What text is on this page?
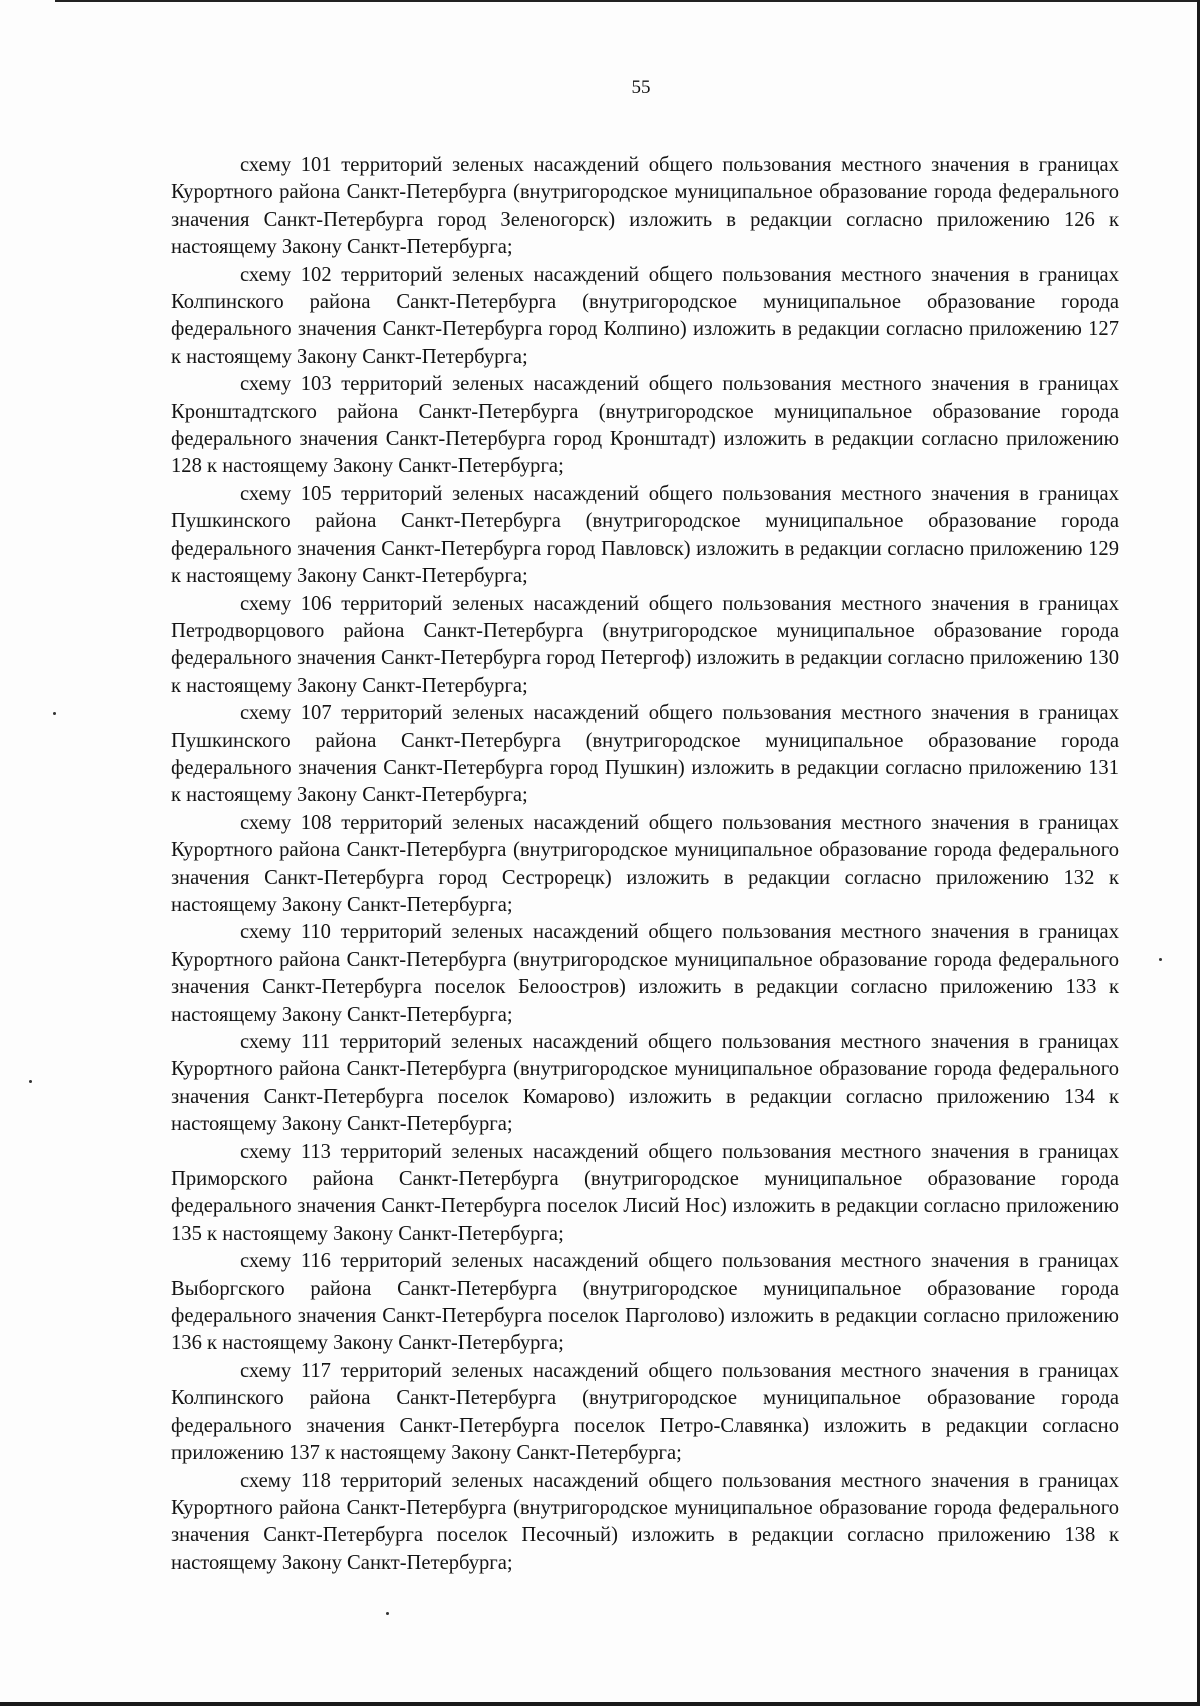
55

схему 101 территорий зеленых насаждений общего пользования местного значения в границах Курортного района Санкт-Петербурга (внутригородское муниципальное образование города федерального значения Санкт-Петербурга город Зеленогорск) изложить в редакции согласно приложению 126 к настоящему Закону Санкт-Петербурга;

схему 102 территорий зеленых насаждений общего пользования местного значения в границах Колпинского района Санкт-Петербурга (внутригородское муниципальное образование города федерального значения Санкт-Петербурга город Колпино) изложить в редакции согласно приложению 127 к настоящему Закону Санкт-Петербурга;

схему 103 территорий зеленых насаждений общего пользования местного значения в границах Кронштадтского района Санкт-Петербурга (внутригородское муниципальное образование города федерального значения Санкт-Петербурга город Кронштадт) изложить в редакции согласно приложению 128 к настоящему Закону Санкт-Петербурга;

схему 105 территорий зеленых насаждений общего пользования местного значения в границах Пушкинского района Санкт-Петербурга (внутригородское муниципальное образование города федерального значения Санкт-Петербурга город Павловск) изложить в редакции согласно приложению 129 к настоящему Закону Санкт-Петербурга;

схему 106 территорий зеленых насаждений общего пользования местного значения в границах Петродворцового района Санкт-Петербурга (внутригородское муниципальное образование города федерального значения Санкт-Петербурга город Петергоф) изложить в редакции согласно приложению 130 к настоящему Закону Санкт-Петербурга;

схему 107 территорий зеленых насаждений общего пользования местного значения в границах Пушкинского района Санкт-Петербурга (внутригородское муниципальное образование города федерального значения Санкт-Петербурга город Пушкин) изложить в редакции согласно приложению 131 к настоящему Закону Санкт-Петербурга;

схему 108 территорий зеленых насаждений общего пользования местного значения в границах Курортного района Санкт-Петербурга (внутригородское муниципальное образование города федерального значения Санкт-Петербурга город Сестрорецк) изложить в редакции согласно приложению 132 к настоящему Закону Санкт-Петербурга;

схему 110 территорий зеленых насаждений общего пользования местного значения в границах Курортного района Санкт-Петербурга (внутригородское муниципальное образование города федерального значения Санкт-Петербурга поселок Белоостров) изложить в редакции согласно приложению 133 к настоящему Закону Санкт-Петербурга;

схему 111 территорий зеленых насаждений общего пользования местного значения в границах Курортного района Санкт-Петербурга (внутригородское муниципальное образование города федерального значения Санкт-Петербурга поселок Комарово) изложить в редакции согласно приложению 134 к настоящему Закону Санкт-Петербурга;

схему 113 территорий зеленых насаждений общего пользования местного значения в границах Приморского района Санкт-Петербурга (внутригородское муниципальное образование города федерального значения Санкт-Петербурга поселок Лисий Нос) изложить в редакции согласно приложению 135 к настоящему Закону Санкт-Петербурга;

схему 116 территорий зеленых насаждений общего пользования местного значения в границах Выборгского района Санкт-Петербурга (внутригородское муниципальное образование города федерального значения Санкт-Петербурга поселок Парголово) изложить в редакции согласно приложению 136 к настоящему Закону Санкт-Петербурга;

схему 117 территорий зеленых насаждений общего пользования местного значения в границах Колпинского района Санкт-Петербурга (внутригородское муниципальное образование города федерального значения Санкт-Петербурга поселок Петро-Славянка) изложить в редакции согласно приложению 137 к настоящему Закону Санкт-Петербурга;

схему 118 территорий зеленых насаждений общего пользования местного значения в границах Курортного района Санкт-Петербурга (внутригородское муниципальное образование города федерального значения Санкт-Петербурга поселок Песочный) изложить в редакции согласно приложению 138 к настоящему Закону Санкт-Петербурга;
